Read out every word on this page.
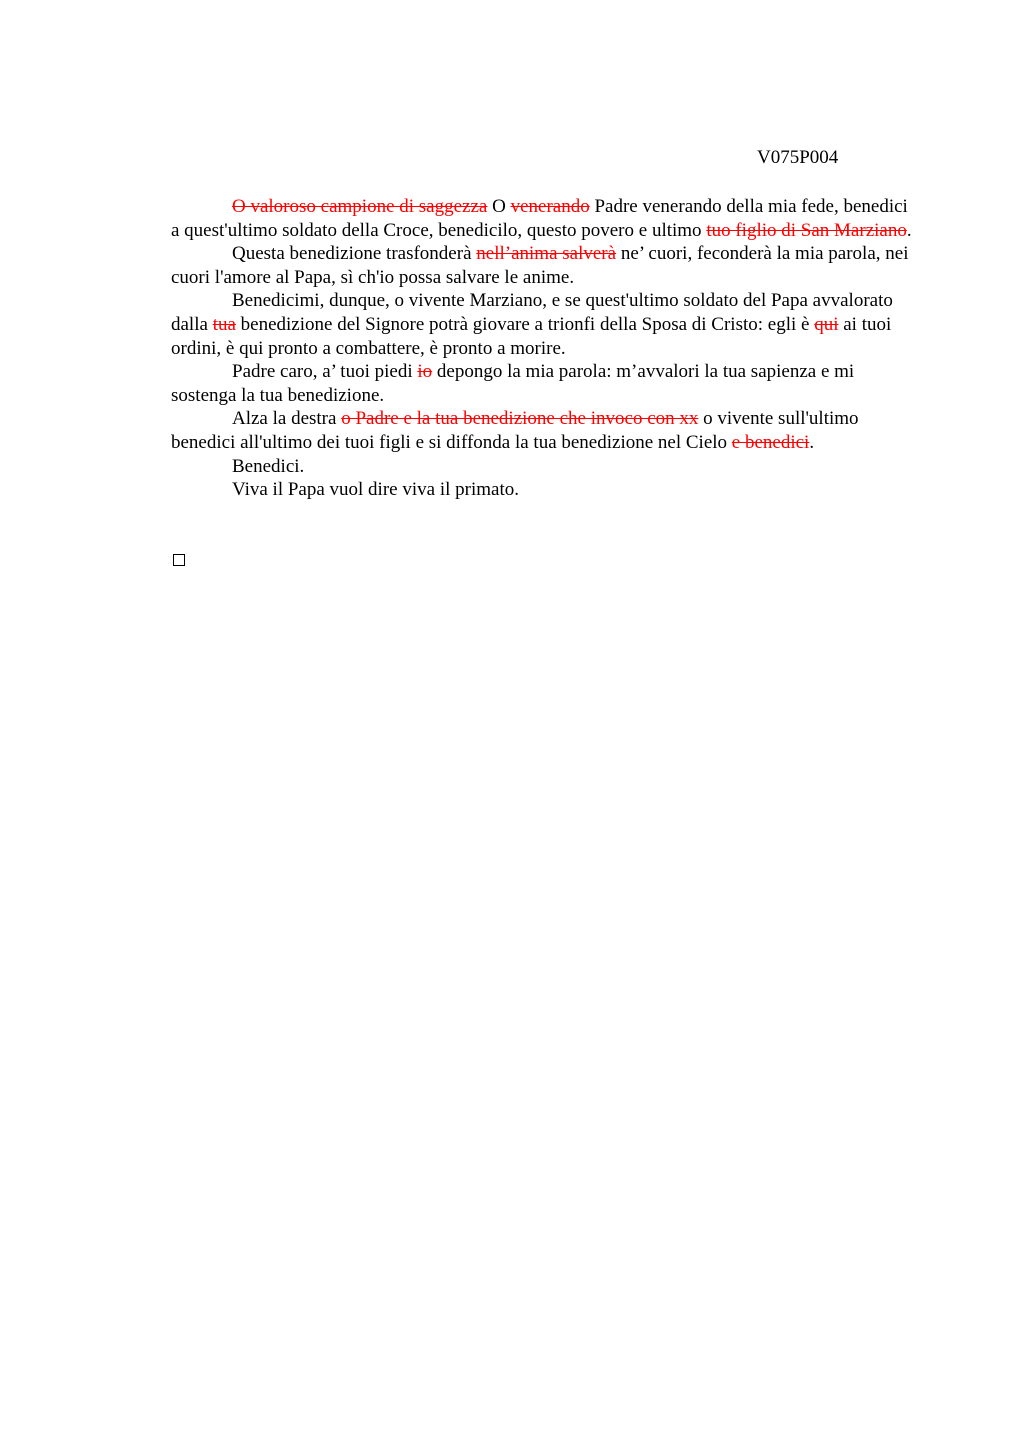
V075P004

O valoroso campione di saggezza O venerando Padre venerando della mia fede, benedici a quest'ultimo soldato della Croce, benedicilo, questo povero e ultimo tuo figlio di San Marziano.

Questa benedizione trasfonderà nell’anima salverà ne’ cuori, feconderà la mia parola, nei cuori l'amore al Papa, sì ch'io possa salvare le anime.

Benedicimi, dunque, o vivente Marziano, e se quest'ultimo soldato del Papa avvalorato dalla tua benedizione del Signore potrà giovare a trionfi della Sposa di Cristo: egli è qui ai tuoi ordini, è qui pronto a combattere, è pronto a morire.

Padre caro, a’ tuoi piedi io depongo la mia parola: m’avvalori la tua sapienza e mi sostenga la tua benedizione.

Alza la destra o Padre e la tua benedizione che invoco con xx o vivente sull'ultimo benedici all'ultimo dei tuoi figli e si diffonda la tua benedizione nel Cielo e benedici.

Benedici.

Viva il Papa vuol dire viva il primato.
